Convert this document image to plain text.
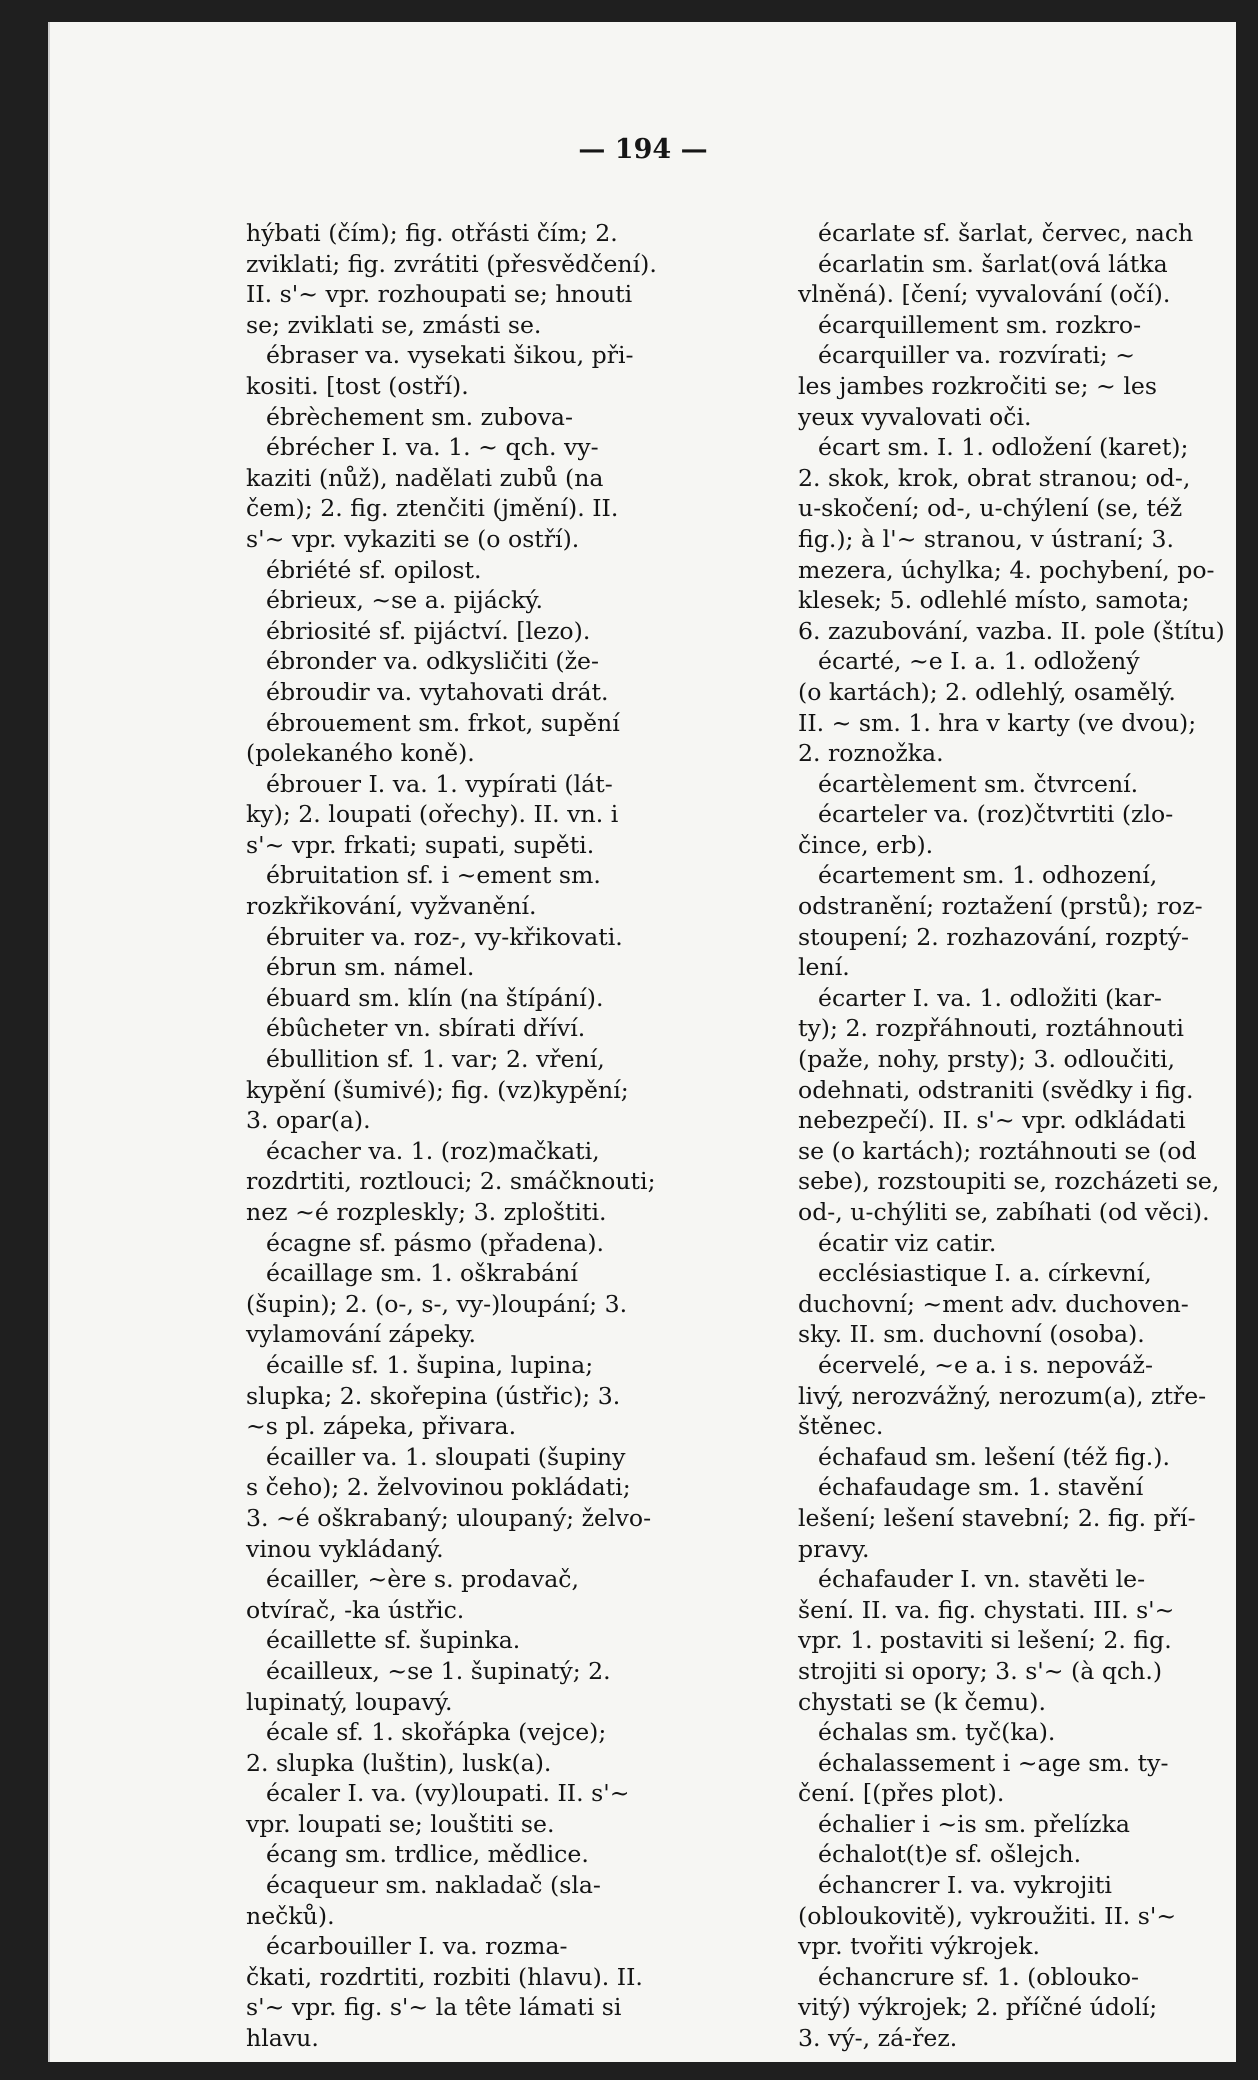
— 194 —
hýbati (čím); fig. otřásti čím; 2.
zviklati; fig. zvrátiti (přesvědčení).
II. s'~ vpr. rozhoupati se; hnouti
se; zviklati se, zmásti se.
ébraser va. vysekati šikou, při-
kositi. [tost (ostří).
ébrèchement sm. zubova-
ébrécher I. va. 1. ~ qch. vy-
kaziti (nůž), nadělati zubů (na
čem); 2. fig. ztenčiti (jmění). II.
s'~ vpr. vykaziti se (o ostří).
ébriété sf. opilost.
ébrieux, ~se a. pijácký.
ébriosité sf. pijáctví. [lezo).
ébronder va. odkysličiti (že-
ébroudir va. vytahovati drát.
ébrouement sm. frkot, supění
(polekaného koně).
ébrouer I. va. 1. vypírati (lát-
ky); 2. loupati (ořechy). II. vn. i
s'~ vpr. frkati; supati, supěti.
ébruitation sf. i ~ement sm.
rozkřikování, vyžvanění.
ébruiter va. roz-, vy-křikovati.
ébrun sm. námel.
ébuard sm. klín (na štípání).
ébûcheter vn. sbírati dříví.
ébullition sf. 1. var; 2. vření,
kypění (šumivé); fig. (vz)kypění;
3. opar(a).
écacher va. 1. (roz)mačkati,
rozdrtiti, roztlouci; 2. smáčknouti;
nez ~é rozpleskly; 3. zploštiti.
écagne sf. pásmo (přadena).
écaillage sm. 1. oškrabání
(šupin); 2. (o-, s-, vy-)loupání; 3.
vylamování zápeky.
écaille sf. 1. šupina, lupina;
slupka; 2. skořepina (ústřic); 3.
~s pl. zápeka, přivara.
écailler va. 1. sloupati (šupiny
s čeho); 2. želvovinou pokládati;
3. ~é oškrabaný; uloupaný; želvo-
vinou vykládaný.
écailler, ~ère s. prodavač,
otvírač, -ka ústřic.
écaillette sf. šupinka.
écailleux, ~se 1. šupinatý; 2.
lupinatý, loupavý.
écale sf. 1. skořápka (vejce);
2. slupka (luštin), lusk(a).
écaler I. va. (vy)loupati. II. s'~
vpr. loupati se; louštiti se.
écang sm. trdlice, mědlice.
écaqueur sm. nakladač (sla-
nečků).
écarbouiller I. va. rozma-
čkati, rozdrtiti, rozbiti (hlavu). II.
s'~ vpr. fig. s'~ la tête lámati si
hlavu.
écarlate sf. šarlat, červec, nach
écarlatin sm. šarlat(ová látka
vlněná). [čení; vyvalování (očí).
écarquillement sm. rozkro-
écarquiller va. rozvírati; ~
les jambes rozkročiti se; ~ les
yeux vyvalovati oči.
écart sm. I. 1. odložení (karet);
2. skok, krok, obrat stranou; od-,
u-skočení; od-, u-chýlení (se, též
fig.); à l'~ stranou, v ústraní; 3.
mezera, úchylka; 4. pochybení, po-
klesek; 5. odlehlé místo, samota;
6. zazubování, vazba. II. pole (štítu)
écarté, ~e I. a. 1. odložený
(o kartách); 2. odlehlý, osamělý.
II. ~ sm. 1. hra v karty (ve dvou);
2. roznožka.
écartèlement sm. čtvrcení.
écarteler va. (roz)čtvrtiti (zlo-
čince, erb).
écartement sm. 1. odhození,
odstranění; roztažení (prstů); roz-
stoupení; 2. rozhazování, rozptý-
lení.
écarter I. va. 1. odložiti (kar-
ty); 2. rozpřáhnouti, roztáhnouti
(paže, nohy, prsty); 3. odloučiti,
odehnati, odstraniti (svědky i fig.
nebezpečí). II. s'~ vpr. odkládati
se (o kartách); roztáhnouti se (od
sebe), rozstoupiti se, rozcházeti se,
od-, u-chýliti se, zabíhati (od věci).
écatir viz catir.
ecclésiastique I. a. církevní,
duchovní; ~ment adv. duchoven-
sky. II. sm. duchovní (osoba).
écervelé, ~e a. i s. nepováž-
livý, nerozvážný, nerozum(a), ztře-
štěnec.
échafaud sm. lešení (též fig.).
échafaudage sm. 1. stavění
lešení; lešení stavební; 2. fig. pří-
pravy.
échafauder I. vn. stavěti le-
šení. II. va. fig. chystati. III. s'~
vpr. 1. postaviti si lešení; 2. fig.
strojiti si opory; 3. s'~ (à qch.)
chystati se (k čemu).
échalas sm. tyč(ka).
échalassement i ~age sm. ty-
čení. [(přes plot).
échalier i ~is sm. přelízka
échalot(t)e sf. ošlejch.
échancrer I. va. vykrojiti
(obloukovitě), vykroužiti. II. s'~
vpr. tvořiti výkrojek.
échancrure sf. 1. (oblouko-
vitý) výkrojek; 2. příčné údolí;
3. vý-, zá-řez.
